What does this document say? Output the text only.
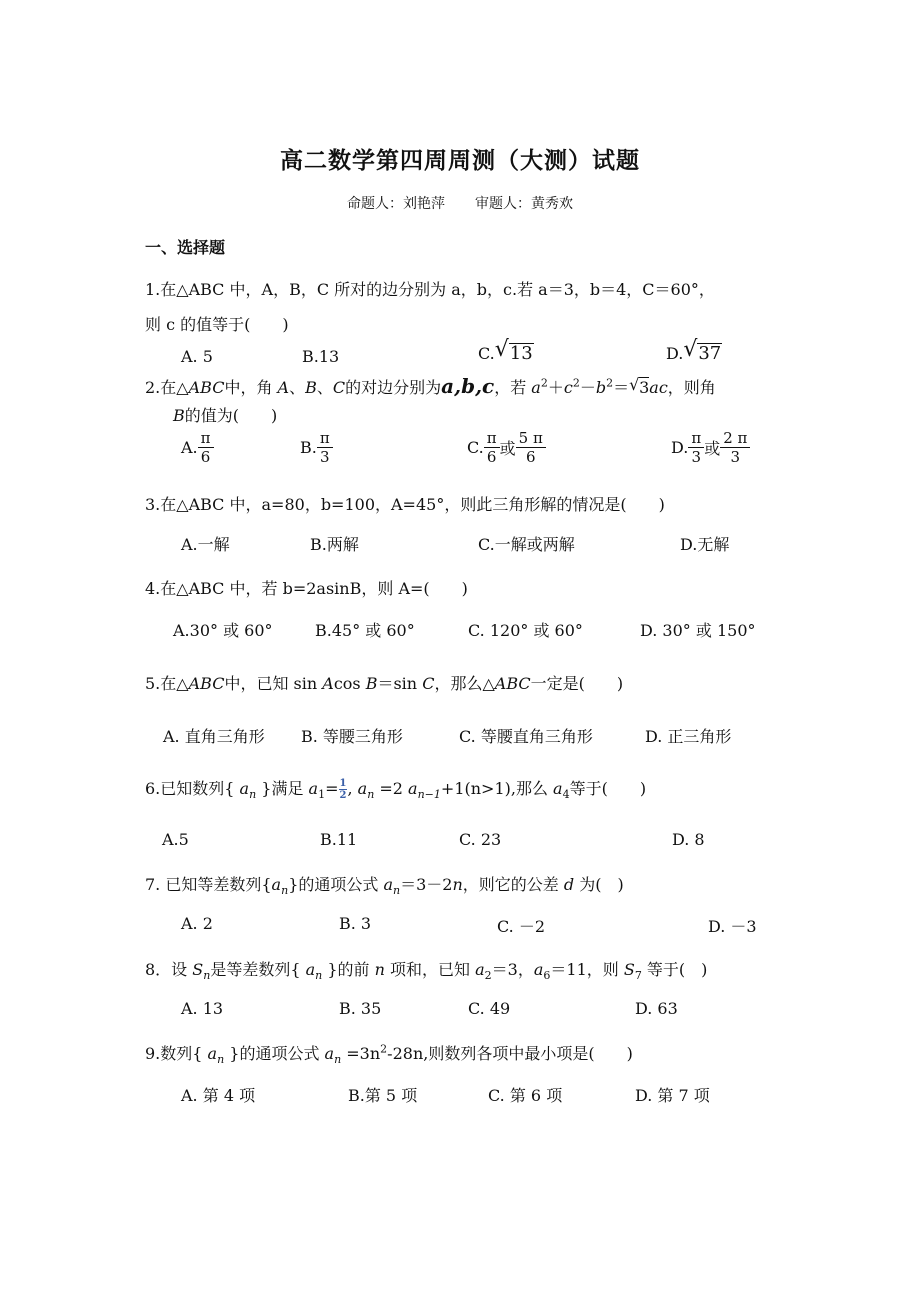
高二数学第四周周测（大测）试题
命题人：刘艳萍 审题人：黄秀欢
一、选择题
1.在△ABC 中，A，B，C 所对的边分别为 a，b，c.若 a＝3，b＝4，C＝60°，
则 c 的值等于(　　)
A. 5	B.13	C. √ 13	D. √ 37
2.在△ABC中，角 A、B、C的对边分别为a,b,c，若 $a^2+c^2-b^2=$ √ 3ac，则角
B的值为(　　)
A. $\frac{\pi}{6}$	B. $\frac{\pi}{3}$	C. $\frac{\pi}{6}$ 或 $\frac{5 \pi}{6}$	D. $\frac{\pi}{3}$ 或 $\frac{2 \pi}{3}$
3.在△ABC 中，a=80，b=100，A=45°，则此三角形解的情况是(　　)
A.一解	B.两解	C.一解或两解	D.无解
4.在△ABC 中，若 b=2asinB，则 A=(　　)
A.30° 或 60°	B.45° 或 60°	C. 120° 或 60°	D. 30° 或 150°
5.在△ABC中，已知 sin Acos B＝sin C，那么△ABC一定是(　　)
A. 直角三角形 B. 等腰三角形	C. 等腰直角三角形	D. 正三角形
6.已知数列{ $a_n$ }满足 $a_1= \frac{1}{2}$ , $a_n =2$ $a_{n-1}+1(n>1)$,那么 $a_4$等于(　　)
A.5	B.11	C. 23	D. 8
7. 已知等差数列$\{a_n\}$的通项公式 $a_n=3-2n$，则它的公差 d 为(　)
A. 2	B. 3	C. －2	D. －3
8．设 $S_n$是等差数列{ $a_n$ }的前 n 项和，已知 $a_2=3$，$a_6=11$，则 $S_7$ 等于(　)
A. 13	B. 35	C. 49	D. 63
9.数列{ $a_n$ }的通项公式 $a_n =3n^2-28n$,则数列各项中最小项是(　　)
A. 第 4 项	B.第 5 项	C. 第 6 项	D. 第 7 项
